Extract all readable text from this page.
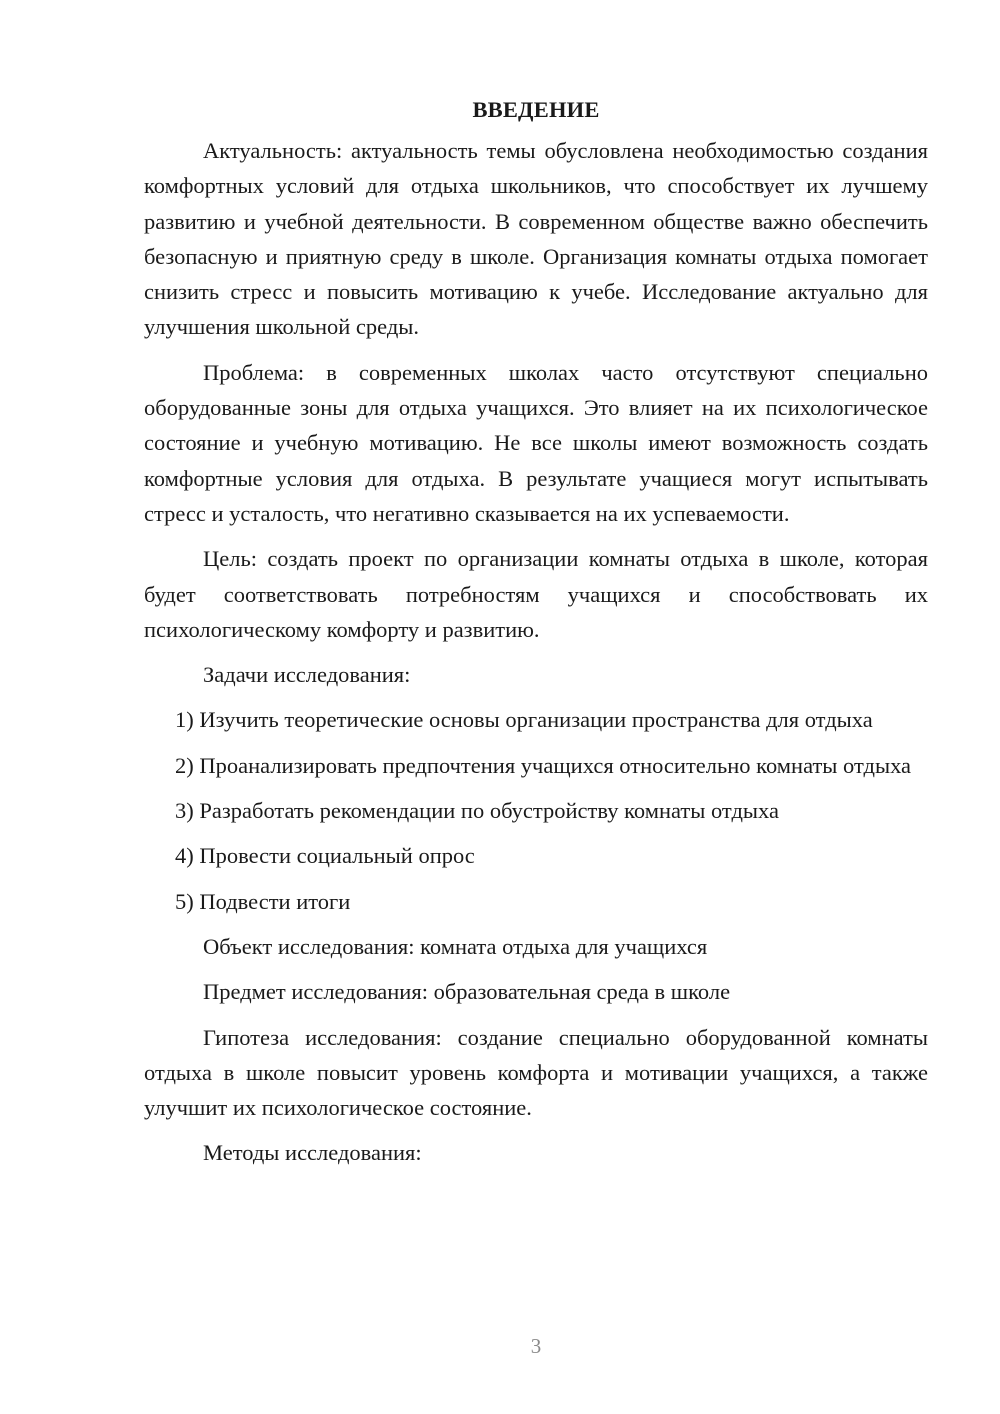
ВВЕДЕНИЕ

Актуальность: актуальность темы обусловлена необходимостью создания комфортных условий для отдыха школьников, что способствует их лучшему развитию и учебной деятельности. В современном обществе важно обеспечить безопасную и приятную среду в школе. Организация комнаты отдыха помогает снизить стресс и повысить мотивацию к учебе. Исследование актуально для улучшения школьной среды.

Проблема: в современных школах часто отсутствуют специально оборудованные зоны для отдыха учащихся. Это влияет на их психологическое состояние и учебную мотивацию. Не все школы имеют возможность создать комфортные условия для отдыха. В результате учащиеся могут испытывать стресс и усталость, что негативно сказывается на их успеваемости.

Цель: создать проект по организации комнаты отдыха в школе, которая будет соответствовать потребностям учащихся и способствовать их психологическому комфорту и развитию.

Задачи исследования:

1) Изучить теоретические основы организации пространства для отдыха

2) Проанализировать предпочтения учащихся относительно комнаты отдыха

3) Разработать рекомендации по обустройству комнаты отдыха

4) Провести социальный опрос

5) Подвести итоги

Объект исследования: комната отдыха для учащихся

Предмет исследования: образовательная среда в школе

Гипотеза исследования: создание специально оборудованной комнаты отдыха в школе повысит уровень комфорта и мотивации учащихся, а также улучшит их психологическое состояние.

Методы исследования:

3
